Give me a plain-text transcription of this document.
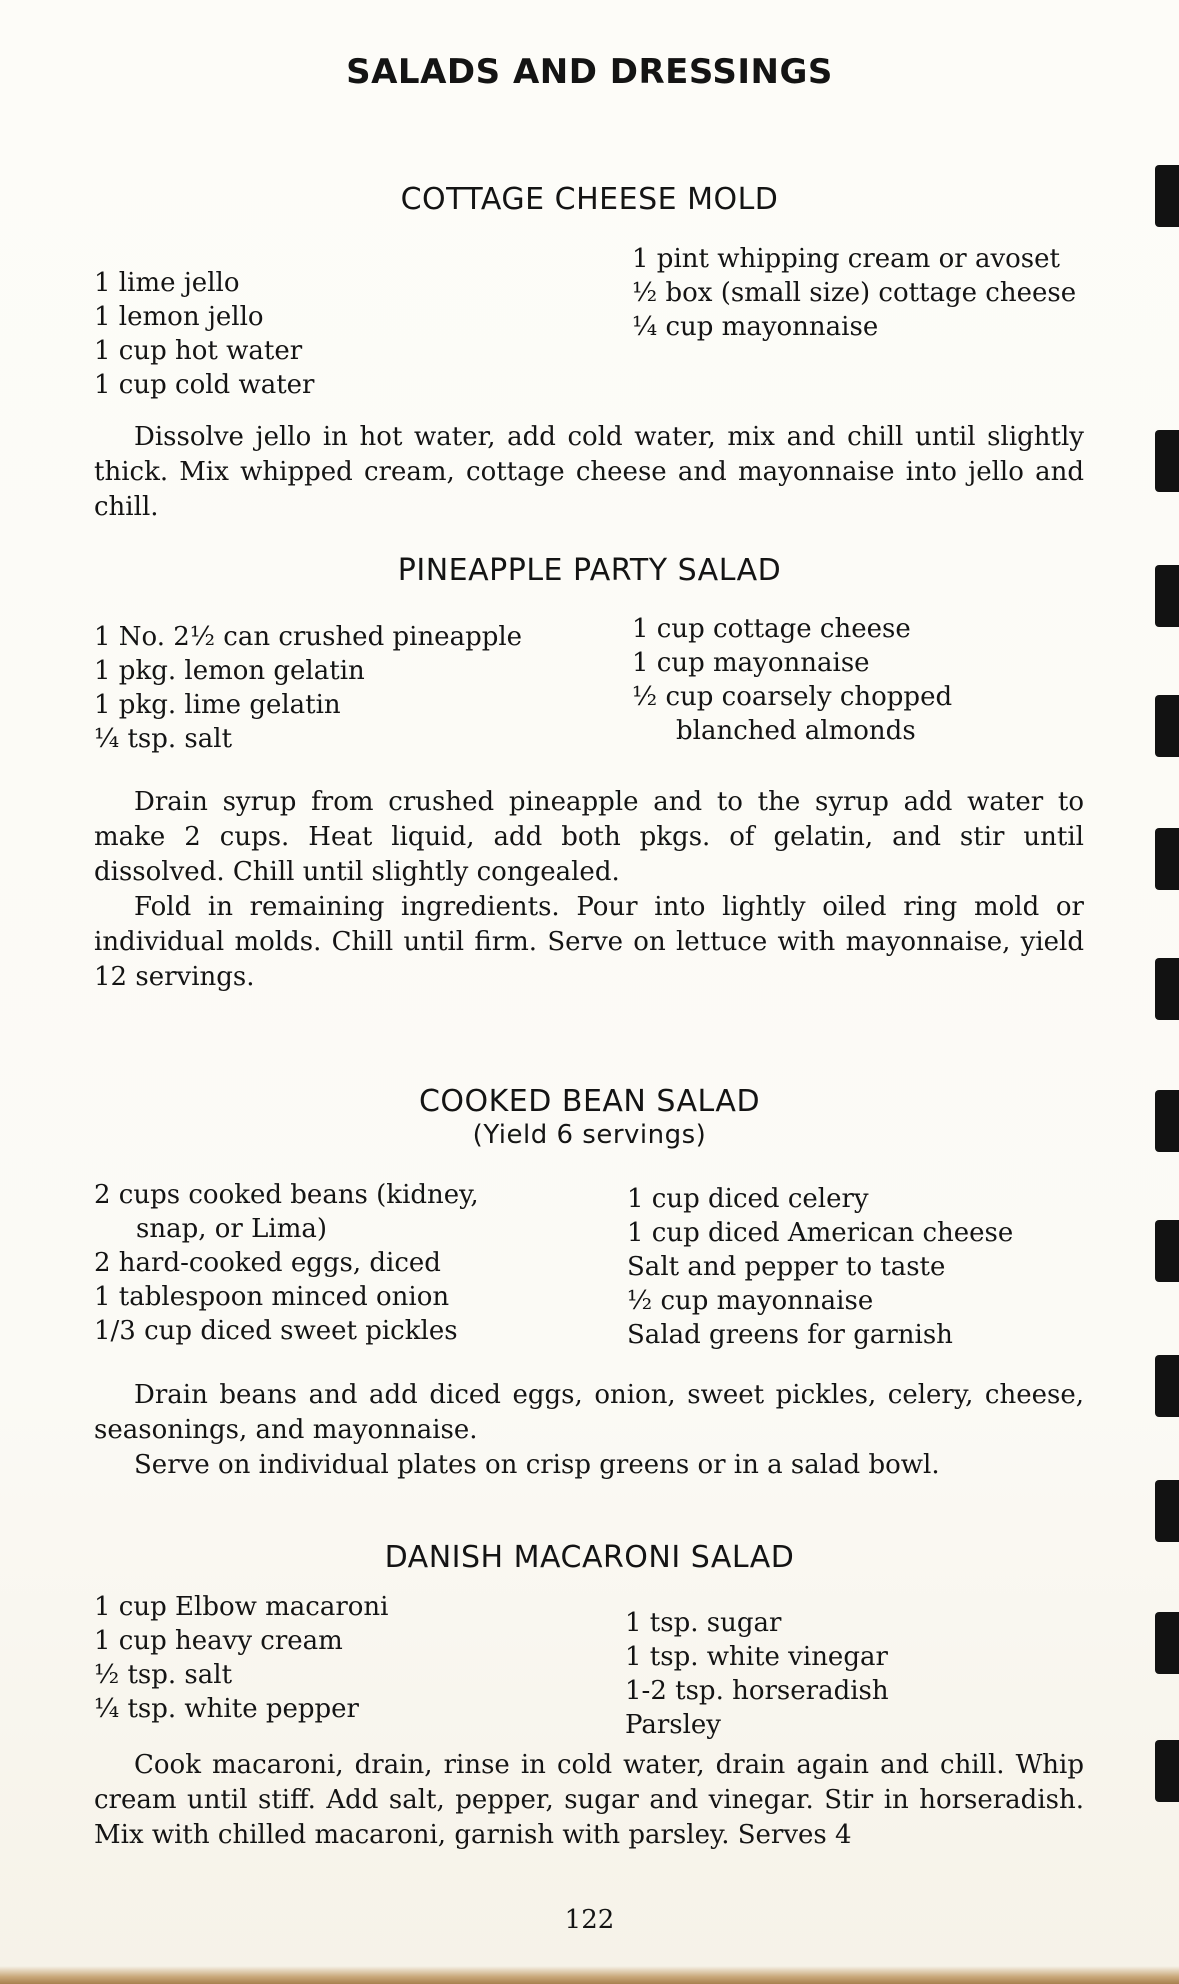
SALADS AND DRESSINGS
COTTAGE CHEESE MOLD
1 lime jello
1 lemon jello
1 cup hot water
1 cup cold water
1 pint whipping cream or avoset
½ box (small size) cottage cheese
¼ cup mayonnaise

Dissolve jello in hot water, add cold water, mix and chill until slightly thick. Mix whipped cream, cottage cheese and mayonnaise into jello and chill.

PINEAPPLE PARTY SALAD
1 No. 2½ can crushed pineapple
1 pkg. lemon gelatin
1 pkg. lime gelatin
¼ tsp. salt
1 cup cottage cheese
1 cup mayonnaise
½ cup coarsely chopped
blanched almonds

Drain syrup from crushed pineapple and to the syrup add water to make 2 cups. Heat liquid, add both pkgs. of gelatin, and stir until dissolved. Chill until slightly congealed.

Fold in remaining ingredients. Pour into lightly oiled ring mold or individual molds. Chill until firm. Serve on lettuce with mayonnaise, yield 12 servings.

COOKED BEAN SALAD
(Yield 6 servings)
2 cups cooked beans (kidney,
snap, or Lima)
2 hard-cooked eggs, diced
1 tablespoon minced onion
1/3 cup diced sweet pickles
1 cup diced celery
1 cup diced American cheese
Salt and pepper to taste
½ cup mayonnaise
Salad greens for garnish

Drain beans and add diced eggs, onion, sweet pickles, celery, cheese, seasonings, and mayonnaise.

Serve on individual plates on crisp greens or in a salad bowl.

DANISH MACARONI SALAD
1 cup Elbow macaroni
1 cup heavy cream
½ tsp. salt
¼ tsp. white pepper
1 tsp. sugar
1 tsp. white vinegar
1-2 tsp. horseradish
Parsley

Cook macaroni, drain, rinse in cold water, drain again and chill. Whip cream until stiff. Add salt, pepper, sugar and vinegar. Stir in horseradish. Mix with chilled macaroni, garnish with parsley. Serves 4

122
